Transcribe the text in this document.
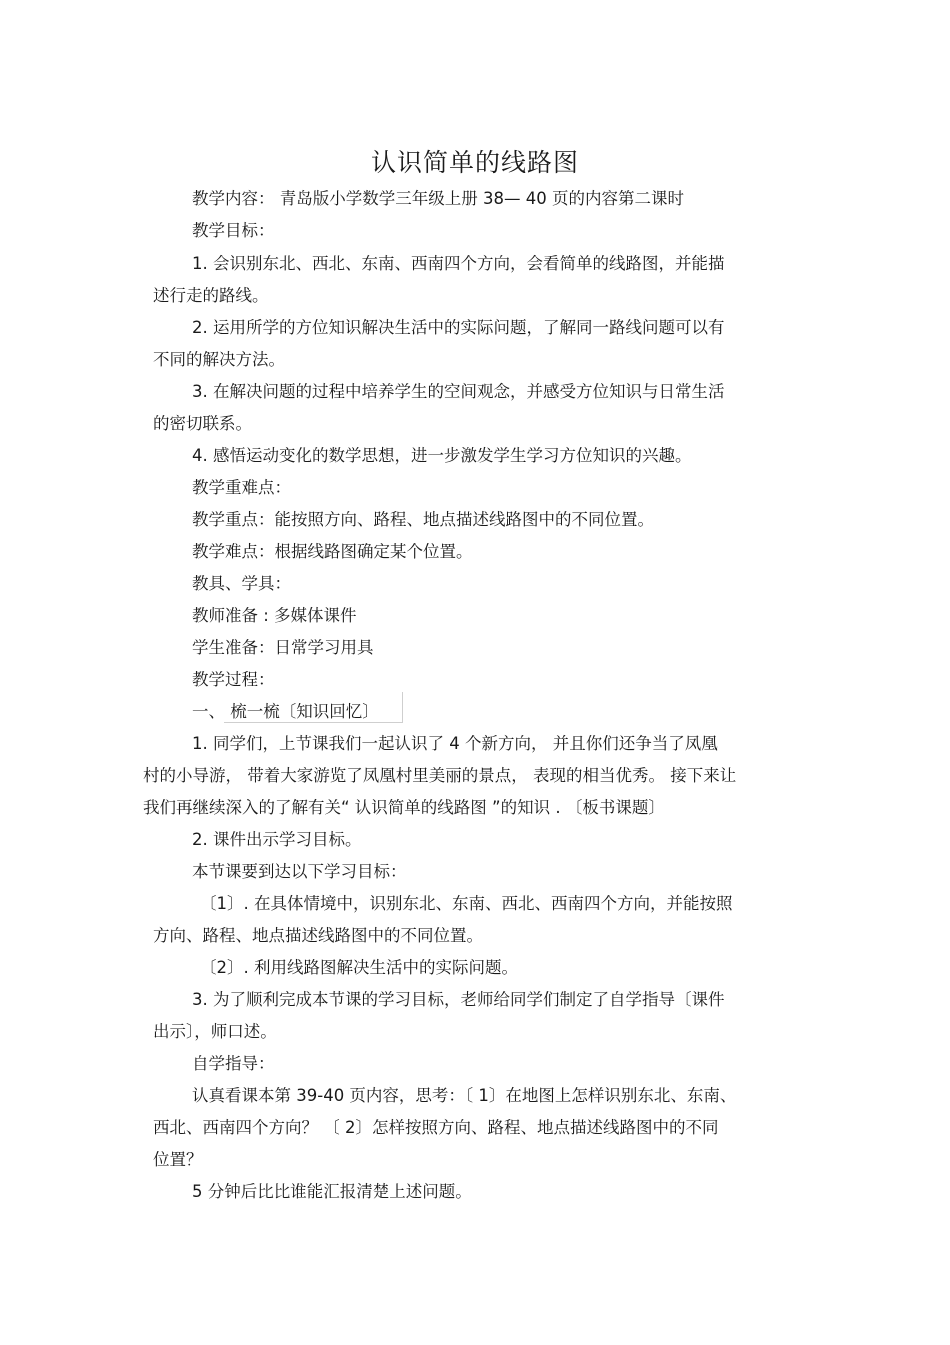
认识简单的线路图
教学内容： 青岛版小学数学三年级上册 38— 40 页的内容第二课时
教学目标：
1. 会识别东北、西北、东南、西南四个方向，会看简单的线路图，并能描
述行走的路线。
2. 运用所学的方位知识解决生活中的实际问题，了解同一路线问题可以有
不同的解决方法。
3. 在解决问题的过程中培养学生的空间观念，并感受方位知识与日常生活
的密切联系。
4. 感悟运动变化的数学思想，进一步激发学生学习方位知识的兴趣。
教学重难点：
教学重点：能按照方向、路程、地点描述线路图中的不同位置。
教学难点：根据线路图确定某个位置。
教具、学具：
教师准备 : 多媒体课件
学生准备：日常学习用具
教学过程：
一、 梳一梳〔知识回忆〕
1. 同学们，上节课我们一起认识了 4 个新方向， 并且你们还争当了凤凰
村的小导游， 带着大家游览了凤凰村里美丽的景点， 表现的相当优秀。 接下来让
我们再继续深入的了解有关“ 认识简单的线路图 ”的知识 . 〔板书课题〕
2. 课件出示学习目标。
本节课要到达以下学习目标：
〔1〕. 在具体情境中，识别东北、东南、西北、西南四个方向，并能按照
方向、路程、地点描述线路图中的不同位置。
〔2〕. 利用线路图解决生活中的实际问题。
3. 为了顺利完成本节课的学习目标，老师给同学们制定了自学指导〔课件
出示〕，师口述。
自学指导：
认真看课本第 39-40 页内容，思考：〔 1〕在地图上怎样识别东北、东南、
西北、西南四个方向？ 〔 2〕怎样按照方向、路程、地点描述线路图中的不同
位置？
5 分钟后比比谁能汇报清楚上述问题。
